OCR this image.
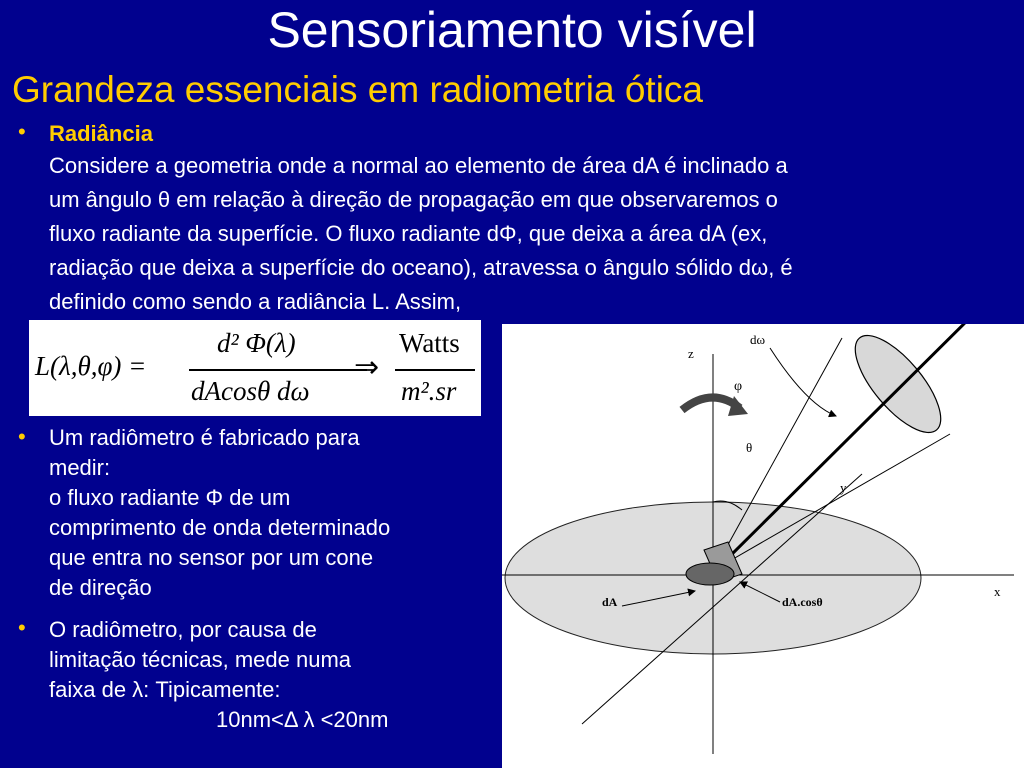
Sensoriamento visível
Grandeza essenciais em radiometria ótica
• Radiância
Considere a geometria onde a normal ao elemento de área dA é inclinado a
um ângulo θ em relação à direção de propagação em que observaremos o
fluxo radiante da superfície. O fluxo radiante dΦ, que deixa a área dA (ex,
radiação que deixa a superfície do oceano), atravessa o ângulo sólido dω, é
definido como sendo a radiância L. Assim,
L(λ,θ,φ) =
d² Φ(λ)
dAcosθ dω
⇒
Watts
m².sr
• Um radiômetro é fabricado para
medir:
o fluxo radiante Φ de um
comprimento de onda determinado
que entra no sensor por um cone
de direção
• O radiômetro, por causa de
limitação técnicas, mede numa
faixa de λ: Tipicamente:
10nm<Δ λ <20nm
z
dω
φ
θ
y
x
dA	dA.cosθ
